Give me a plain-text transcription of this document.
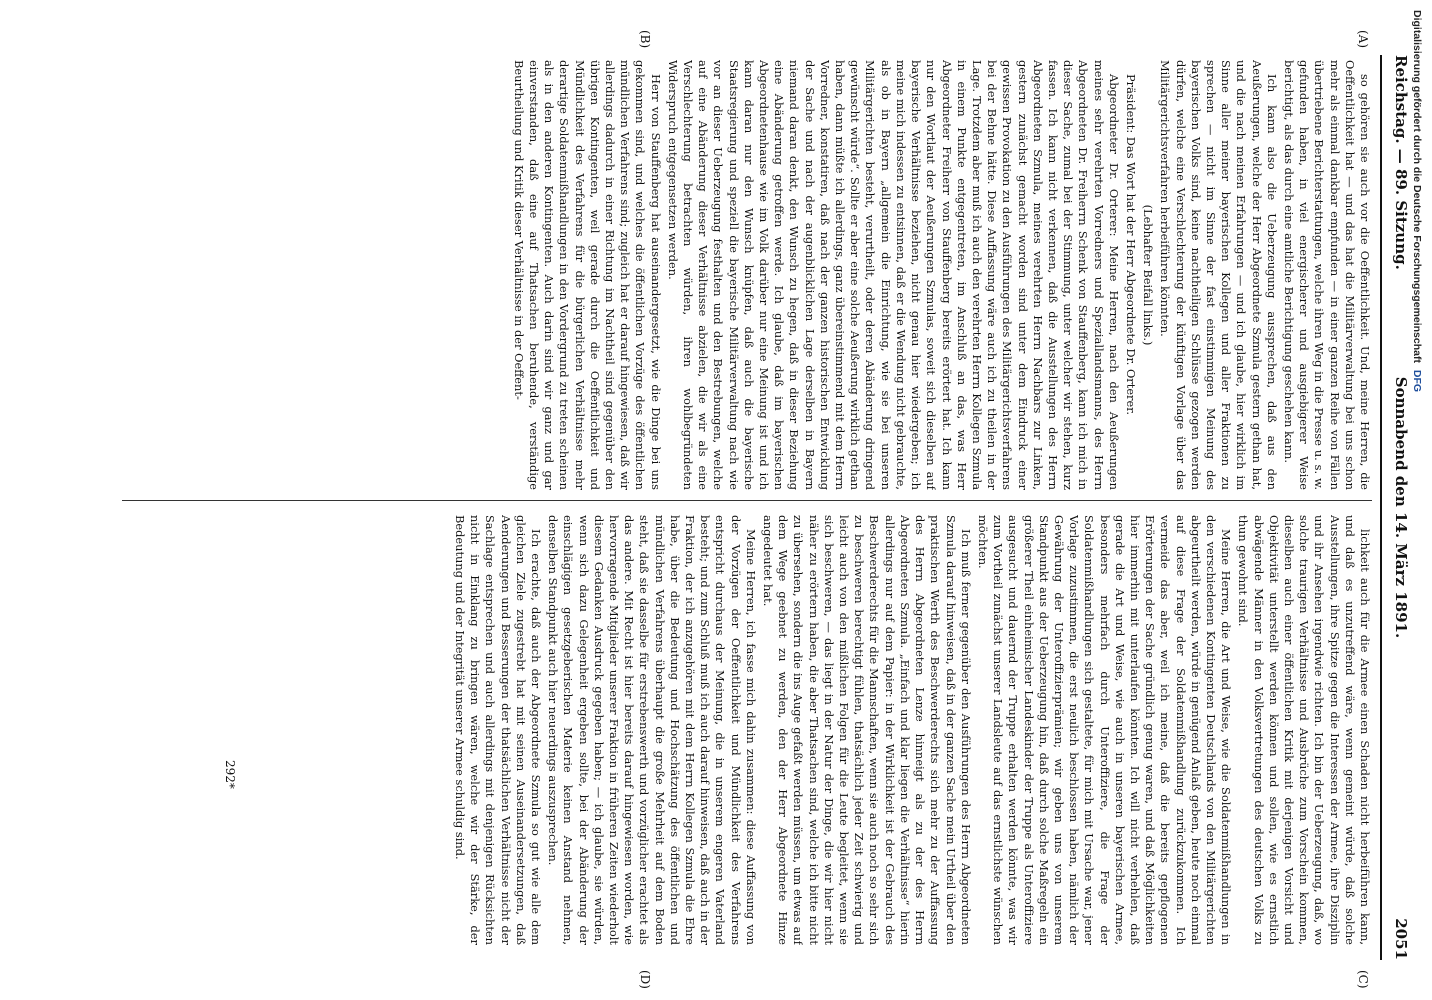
Reichstag. — 89. Sitzung.
Sonnabend den 14. März 1891.
2051
(A)
(B)
(C)
(D)

so gehören sie auch vor die Oeffentlichkeit. Und, meine Herren, die Oeffentlichkeit hat — und das hat die Militärverwaltung bei uns schon mehr als einmal dankbar empfunden — in einer ganzen Reihe von Fällen übertriebene Berichterstattungen, welche ihren Weg in die Presse u. s. w. gefunden haben, in viel energischerer und ausgiebigerer Weise berichtigt, als das durch eine amtliche Berichtigung geschehen kann.

Ich kann also die Ueberzeugung aussprechen, daß aus den Aeußerungen, welche der Herr Abgeordnete Szmula gestern gethan hat, und die nach meinen Erfahrungen — und ich glaube, hier wirklich im Sinne aller meiner bayerischen Kollegen und aller Fraktionen zu sprechen — nicht im Sinne der fast einstimmigen Meinung des bayerischen Volks sind, keine nachtheiligen Schlüsse gezogen werden dürfen, welche eine Verschlechterung der künftigen Vorlage über das Militärgerichtsverfahren herbeiführen könnten.

(Lebhafter Beifall links.)

Präsident: Das Wort hat der Herr Abgeordnete Dr. Orterer.

Abgeordneter Dr. Orterer: Meine Herren, nach den Aeußerungen meines sehr verehrten Vorredners und Speziallandsmanns, des Herrn Abgeordneten Dr. Freiherrn Schenk von Stauffenberg, kann ich mich in dieser Sache, zumal bei der Stimmung, unter welcher wir stehen, kurz fassen. Ich kann nicht verkennen, daß die Ausstellungen des Herrn Abgeordneten Szmula, meines verehrten Herrn Nachbars zur Linken, gestern zunächst gemacht worden sind unter dem Eindruck einer gewissen Provokation zu den Ausführungen des Militärgerichtsverfahrens bei der Behne hätte. Diese Auffassung wäre auch ich zu theilen in der Lage. Trotzdem aber muß ich auch den verehrten Herrn Kollegen Szmula in einem Punkte entgegentreten, im Anschluß an das, was Herr Abgeordneter Freiherr von Stauffenberg bereits erörtert hat. Ich kann nur den Wortlaut der Aeußerungen Szmulas, soweit sich dieselben auf bayerische Verhältnisse beziehen, nicht genau hier wiedergeben; ich meine mich indessen zu entsinnen, daß er die Wendung nicht gebrauchte, als ob in Bayern „allgemein die Einrichtung, wie sie bei unseren Militärgerichten besteht, verurtheilt, oder deren Abänderung dringend gewünscht würde“. Sollte er aber eine solche Aeußerung wirklich gethan haben, dann müßte ich allerdings, ganz übereinstimmend mit dem Herrn Vorredner, konstatiren, daß nach der ganzen historischen Entwicklung der Sache und nach der augenblicklichen Lage derselben in Bayern niemand daran denkt, den Wunsch zu hegen, daß in dieser Beziehung eine Abänderung getroffen werde. Ich glaube, daß im bayerischen Abgeordnetenhause wie im Volk darüber nur eine Meinung ist und ich kann daran nur den Wunsch knüpfen, daß auch die bayerische Staatsregierung und speziell die bayerische Militärverwaltung nach wie vor an dieser Ueberzeugung festhalten und den Bestrebungen, welche auf eine Abänderung dieser Verhältnisse abzielen, die wir als eine Verschlechterung betrachten würden, ihren wohlbegründeten Widerspruch entgegensetzen werden.

Herr von Stauffenberg hat auseinandergesetzt, wie die Dinge bei uns gekommen sind, und welches die öffentlichen Vorzüge des öffentlichen mündlichen Verfahrens sind; zugleich hat er darauf hingewiesen, daß wir allerdings dadurch in einer Richtung im Nachtheil sind gegenüber den übrigen Kontingenten, weil gerade durch die Oeffentlichkeit und Mündlichkeit des Verfahrens für die bürgerlichen Verhältnisse mehr derartige Soldatenmißhandlungen in den Vordergrund zu treten scheinen als in den anderen Kontingenten. Auch darin sind wir ganz und gar einverstanden, daß eine auf Thatsachen beruhende, verständige Beurtheilung und Kritik dieser Verhältnisse in der Oeffent-

lichkeit auch für die Armee einen Schaden nicht herbeiführen kann, und daß es unzutreffend wäre, wenn gemeint würde, daß solche Ausstellungen, ihre Spitze gegen die Interessen der Armee, ihre Disziplin und ihr Ansehen irgendwie richten. Ich bin der Ueberzeugung, daß, wo solche traurigen Verhältnisse und Ausbrüche zum Vorschein kommen, dieselben auch einer öffentlichen Kritik mit derjenigen Vorsicht und Objektivität unterstellt werden können und sollen, wie es ernstlich abwägende Männer in den Volksvertretungen des deutschen Volks zu thun gewohnt sind.

Meine Herren, die Art und Weise, wie die Soldatenmißhandlungen in den verschiedenen Kontingenten Deutschlands von den Militärgerichten abgeurtheilt werden, würde in genügend Anlaß geben, heute noch einmal auf diese Frage der Soldatenmißhandlung zurückzukommen. Ich vermeide das aber, weil ich meine, daß die bereits gepflogenen Erörterungen der Sache gründlich genug waren, und daß Möglichkeiten hier immerhin mit unterlaufen könnten. Ich will nicht verhehlen, daß gerade die Art und Weise, wie auch in unseren bayerischen Armee, besonders mehrfach durch Unteroffiziere, die Frage der Soldatenmißhandlungen sich gestaltete, für mich mit Ursache war, jener Vorlage zuzustimmen, die erst neulich beschlossen haben, nämlich der Gewährung der Unteroffizierprämien; wir geben uns von unserem Standpunkt aus der Ueberzeugung hin, daß durch solche Maßregeln ein größerer Theil einheimischer Landeskinder der Truppe als Unteroffiziere ausgesucht und dauernd der Truppe erhalten werden könnte, was wir zum Vortheil zunächst unserer Landsleute auf das ernstlichste wünschen möchten.

Ich muß ferner gegenüber den Ausführungen des Herrn Abgeordneten Szmula darauf hinweisen, daß in der ganzen Sache mein Urtheil über den praktischen Werth des Beschwerderechts sich mehr zu der Auffassung des Herrn Abgeordneten Lenze hinneigt als zu der des Herrn Abgeordneten Szmula. „Einfach und klar liegen die Verhältnisse“ hierin allerdings nur auf dem Papier: in der Wirklichkeit ist der Gebrauch des Beschwerderechts für die Mannschaften, wenn sie auch noch so sehr sich zu beschweren berechtigt fühlen, thatsächlich jeder Zeit schwierig und leicht auch von den mißlichen Folgen für die Leute begleitet, wenn sie sich beschweren, — das liegt in der Natur der Dinge, die wir hier nicht näher zu erörtern haben, die aber Thatsachen sind, welche ich bitte nicht zu übersehen, sondern die ins Auge gefaßt werden müssen, um etwas auf dem Wege geebnet zu werden, den der Herr Abgeordnete Hinze angedeutet hat.

Meine Herren, ich fasse mich dahin zusammen: diese Auffassung von der Vorzügen der Oeffentlichkeit und Mündlichkeit des Verfahrens entspricht durchaus der Meinung, die in unserem engeren Vaterland besteht; und zum Schluß muß ich auch darauf hinweisen, daß auch in der Fraktion, der ich anzugehören mit dem Herrn Kollegen Szmula die Ehre habe, über die Bedeutung und Hochschätzung des öffentlichen und mündlichen Verfahrens überhaupt die große Mehrheit auf dem Boden steht, daß sie dasselbe für erstrebenswerth und vorzüglicher erachtet als das andere. Mit Recht ist hier bereits darauf hingewiesen worden, wie hervorragende Mitglieder unserer Fraktion in früheren Zeiten wiederholt diesem Gedanken Ausdruck gegeben haben; — ich glaube, sie würden, wenn sich dazu Gelegenheit ergeben sollte, bei der Abänderung der einschlägigen gesetzgeberischen Materie keinen Anstand nehmen, denselben Standpunkt auch hier neuerdings auszusprechen.

Ich erachte, daß auch der Abgeordnete Szmula so gut wie alle dem gleichen Ziele zugestrebt hat mit seinen Auseinandersetzungen, daß Aenderungen und Besserungen der thatsächlichen Verhältnisse nicht der Sachlage entsprechen und auch allerdings mit denjenigen Rücksichten nicht in Einklang zu bringen wären, welche wir der Stärke, der Bedeutung und der Integrität unserer Armee schuldig sind.

292*
Digitalisierung gefördert durch die Deutsche Forschungsgemeinschaft DFG
